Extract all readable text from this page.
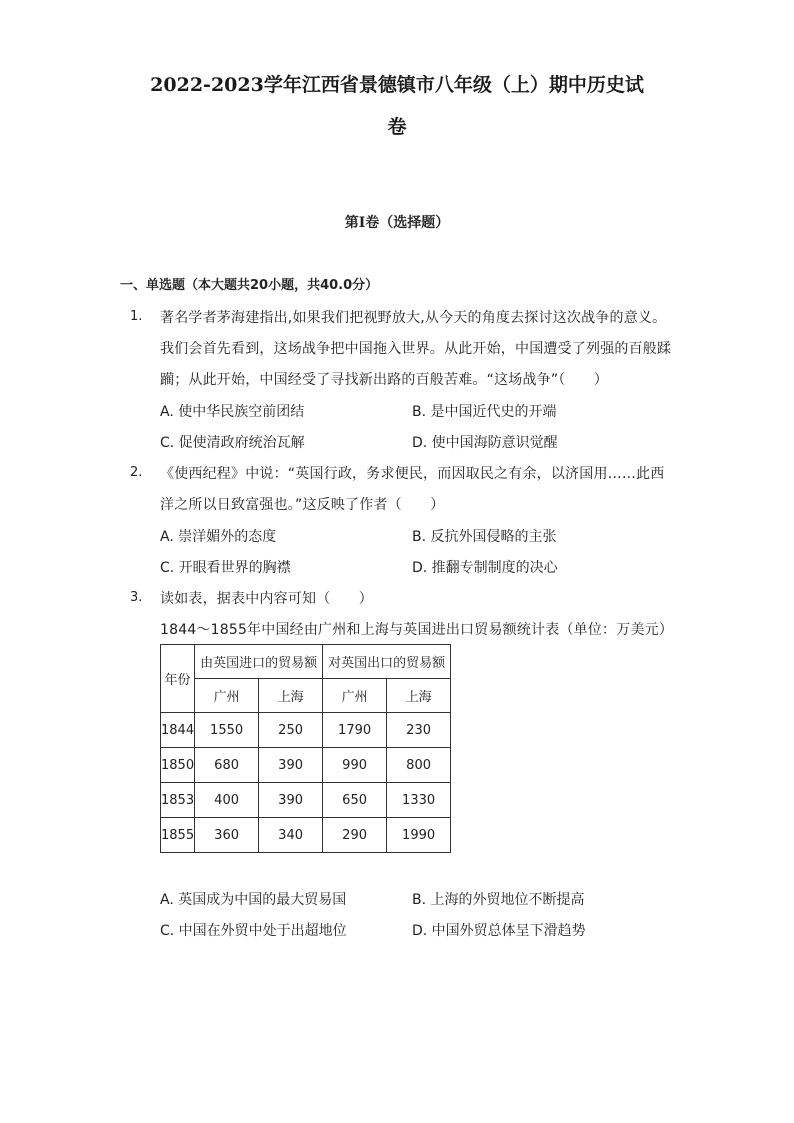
2022-2023学年江西省景德镇市八年级（上）期中历史试
卷
第I卷（选择题）
一、单选题（本大题共20小题，共40.0分）
1. 著名学者茅海建指出,如果我们把视野放大,从今天的角度去探讨这次战争的意义。
我们会首先看到，这场战争把中国拖入世界。从此开始，中国遭受了列强的百般蹂
躏；从此开始，中国经受了寻找新出路的百般苦难。“这场战争”（　　）
A. 使中华民族空前团结	B. 是中国近代史的开端
C. 促使清政府统治瓦解	D. 使中国海防意识觉醒
2. 《使西纪程》中说：“英国行政，务求便民，而因取民之有余，以济国用……此西
洋之所以日致富强也。”这反映了作者（　　）
A. 崇洋媚外的态度	B. 反抗外国侵略的主张
C. 开眼看世界的胸襟	D. 推翻专制制度的决心
3. 读如表，据表中内容可知（　　）
1844～1855年中国经由广州和上海与英国进出口贸易额统计表（单位：万美元）
年份	由英国进口的贸易额		对英国出口的贸易额	
	广州	上海	广州	上海
1844	1550	250	1790	230
1850	680	390	990	800
1853	400	390	650	1330
1855	360	340	290	1990
A. 英国成为中国的最大贸易国	B. 上海的外贸地位不断提高
C. 中国在外贸中处于出超地位	D. 中国外贸总体呈下滑趋势
